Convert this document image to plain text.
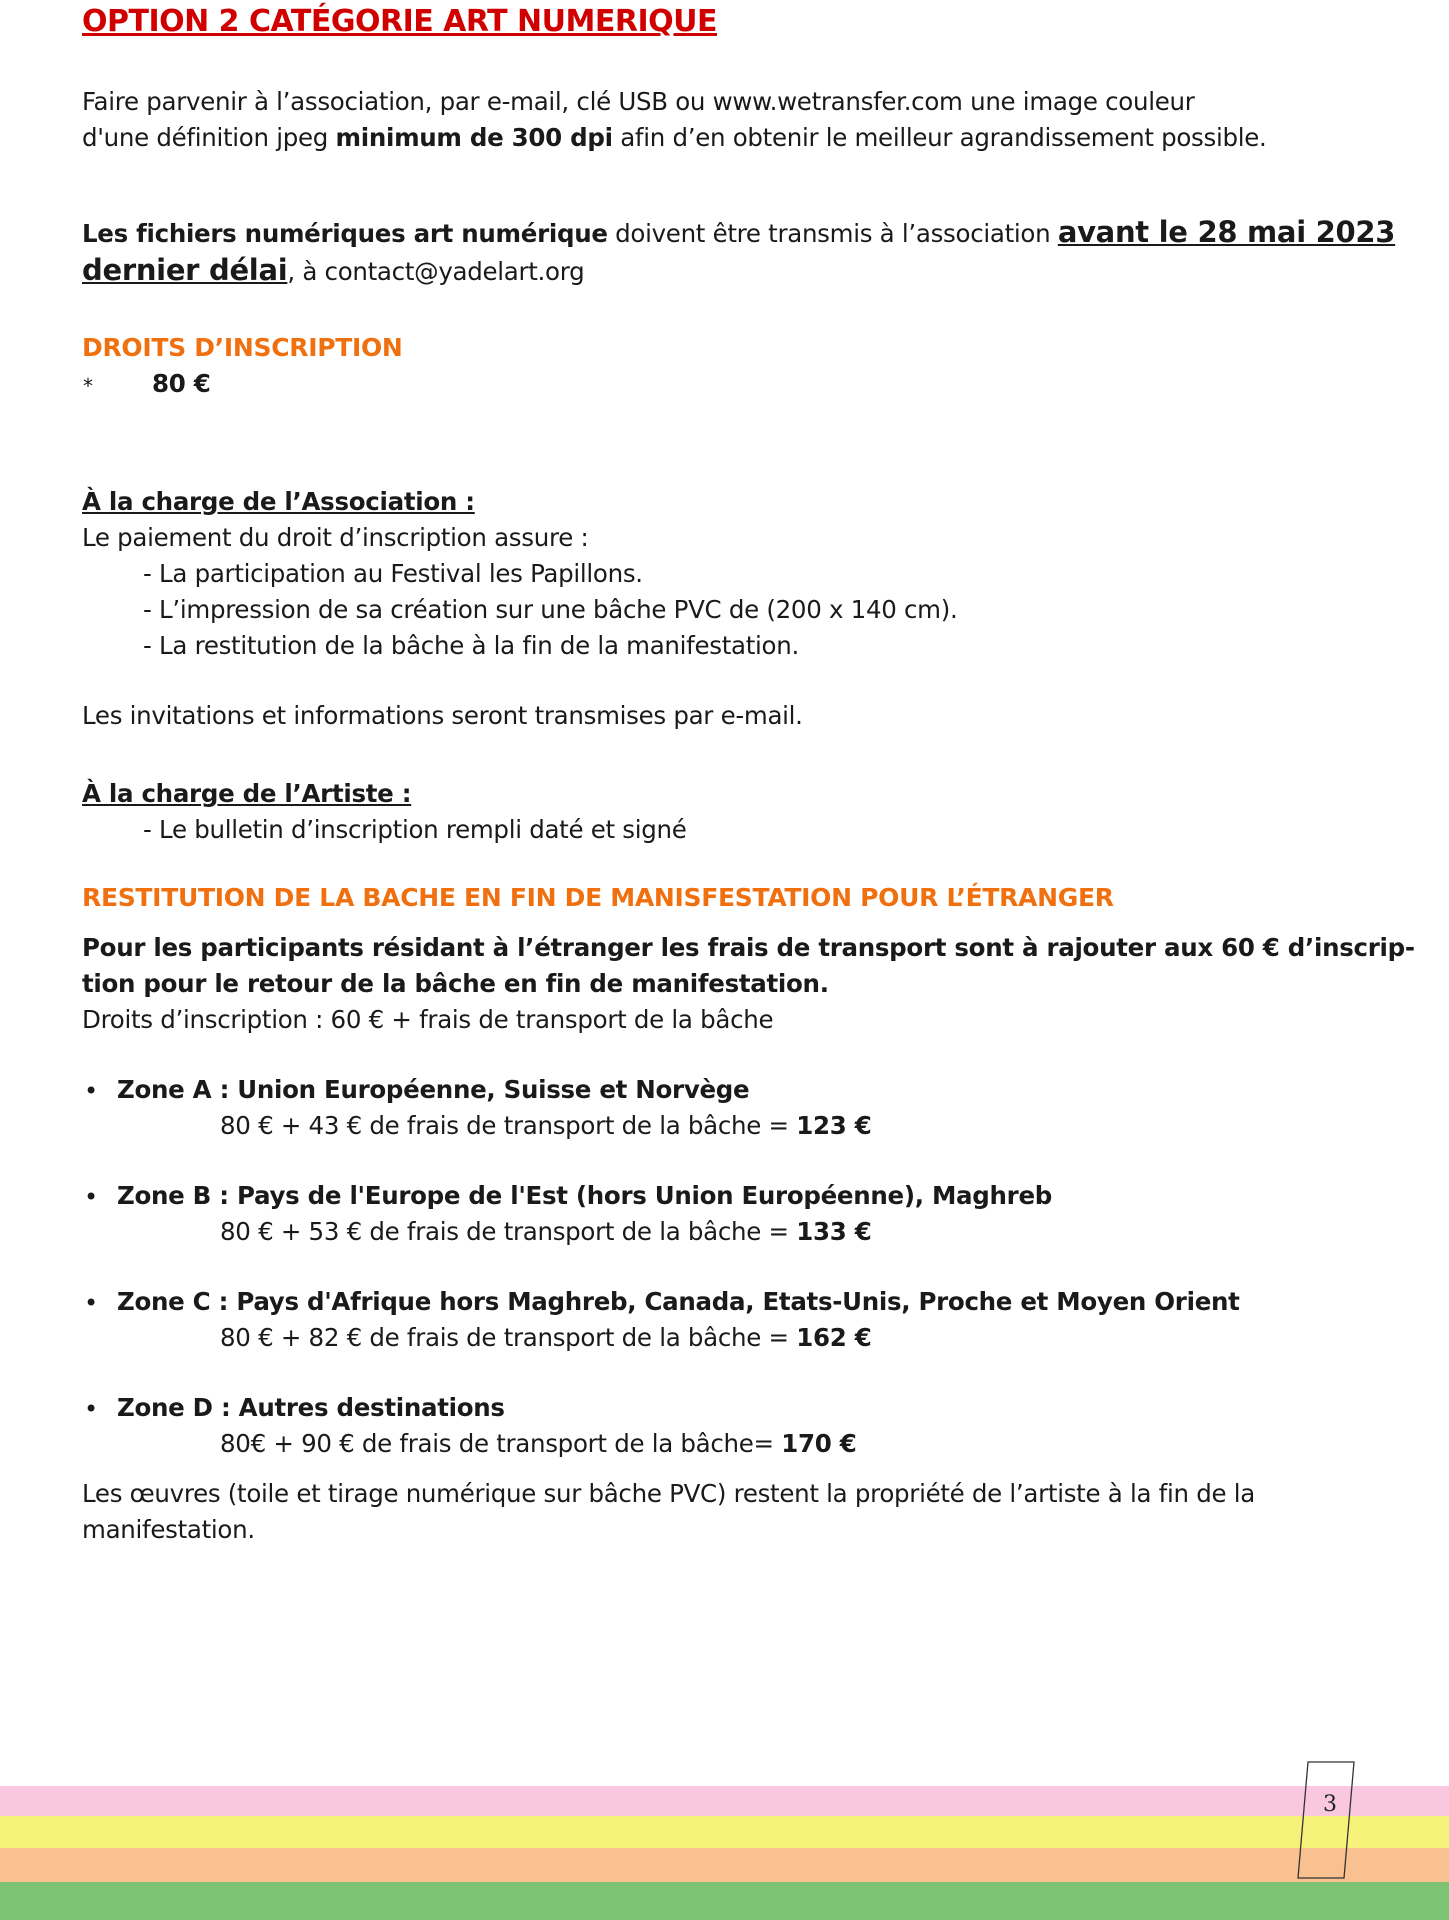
OPTION 2 CATÉGORIE ART NUMERIQUE
Faire parvenir à l’association, par e-mail, clé USB ou www.wetransfer.com une image couleur
d'une définition jpeg minimum de 300 dpi afin d’en obtenir le meilleur agrandissement possible.
Les fichiers numériques art numérique doivent être transmis à l’association avant le 28 mai 2023
dernier délai, à contact@yadelart.org
DROITS D’INSCRIPTION
* 80 €
À la charge de l’Association :
Le paiement du droit d’inscription assure :
- La participation au Festival les Papillons.
- L’impression de sa création sur une bâche PVC de (200 x 140 cm).
- La restitution de la bâche à la fin de la manifestation.
Les invitations et informations seront transmises par e-mail.
À la charge de l’Artiste :
- Le bulletin d’inscription rempli daté et signé
RESTITUTION DE LA BACHE EN FIN DE MANISFESTATION POUR L’ÉTRANGER
Pour les participants résidant à l’étranger les frais de transport sont à rajouter aux 60 € d’inscrip-
tion pour le retour de la bâche en fin de manifestation.
Droits d’inscription : 60 € + frais de transport de la bâche
• Zone A : Union Européenne, Suisse et Norvège
80 € + 43 € de frais de transport de la bâche = 123 €
• Zone B : Pays de l'Europe de l'Est (hors Union Européenne), Maghreb
80 € + 53 € de frais de transport de la bâche = 133 €
• Zone C : Pays d'Afrique hors Maghreb, Canada, Etats-Unis, Proche et Moyen Orient
80 € + 82 € de frais de transport de la bâche = 162 €
• Zone D : Autres destinations
80€ + 90 € de frais de transport de la bâche= 170 €
Les œuvres (toile et tirage numérique sur bâche PVC) restent la propriété de l’artiste à la fin de la manifestation.
3
